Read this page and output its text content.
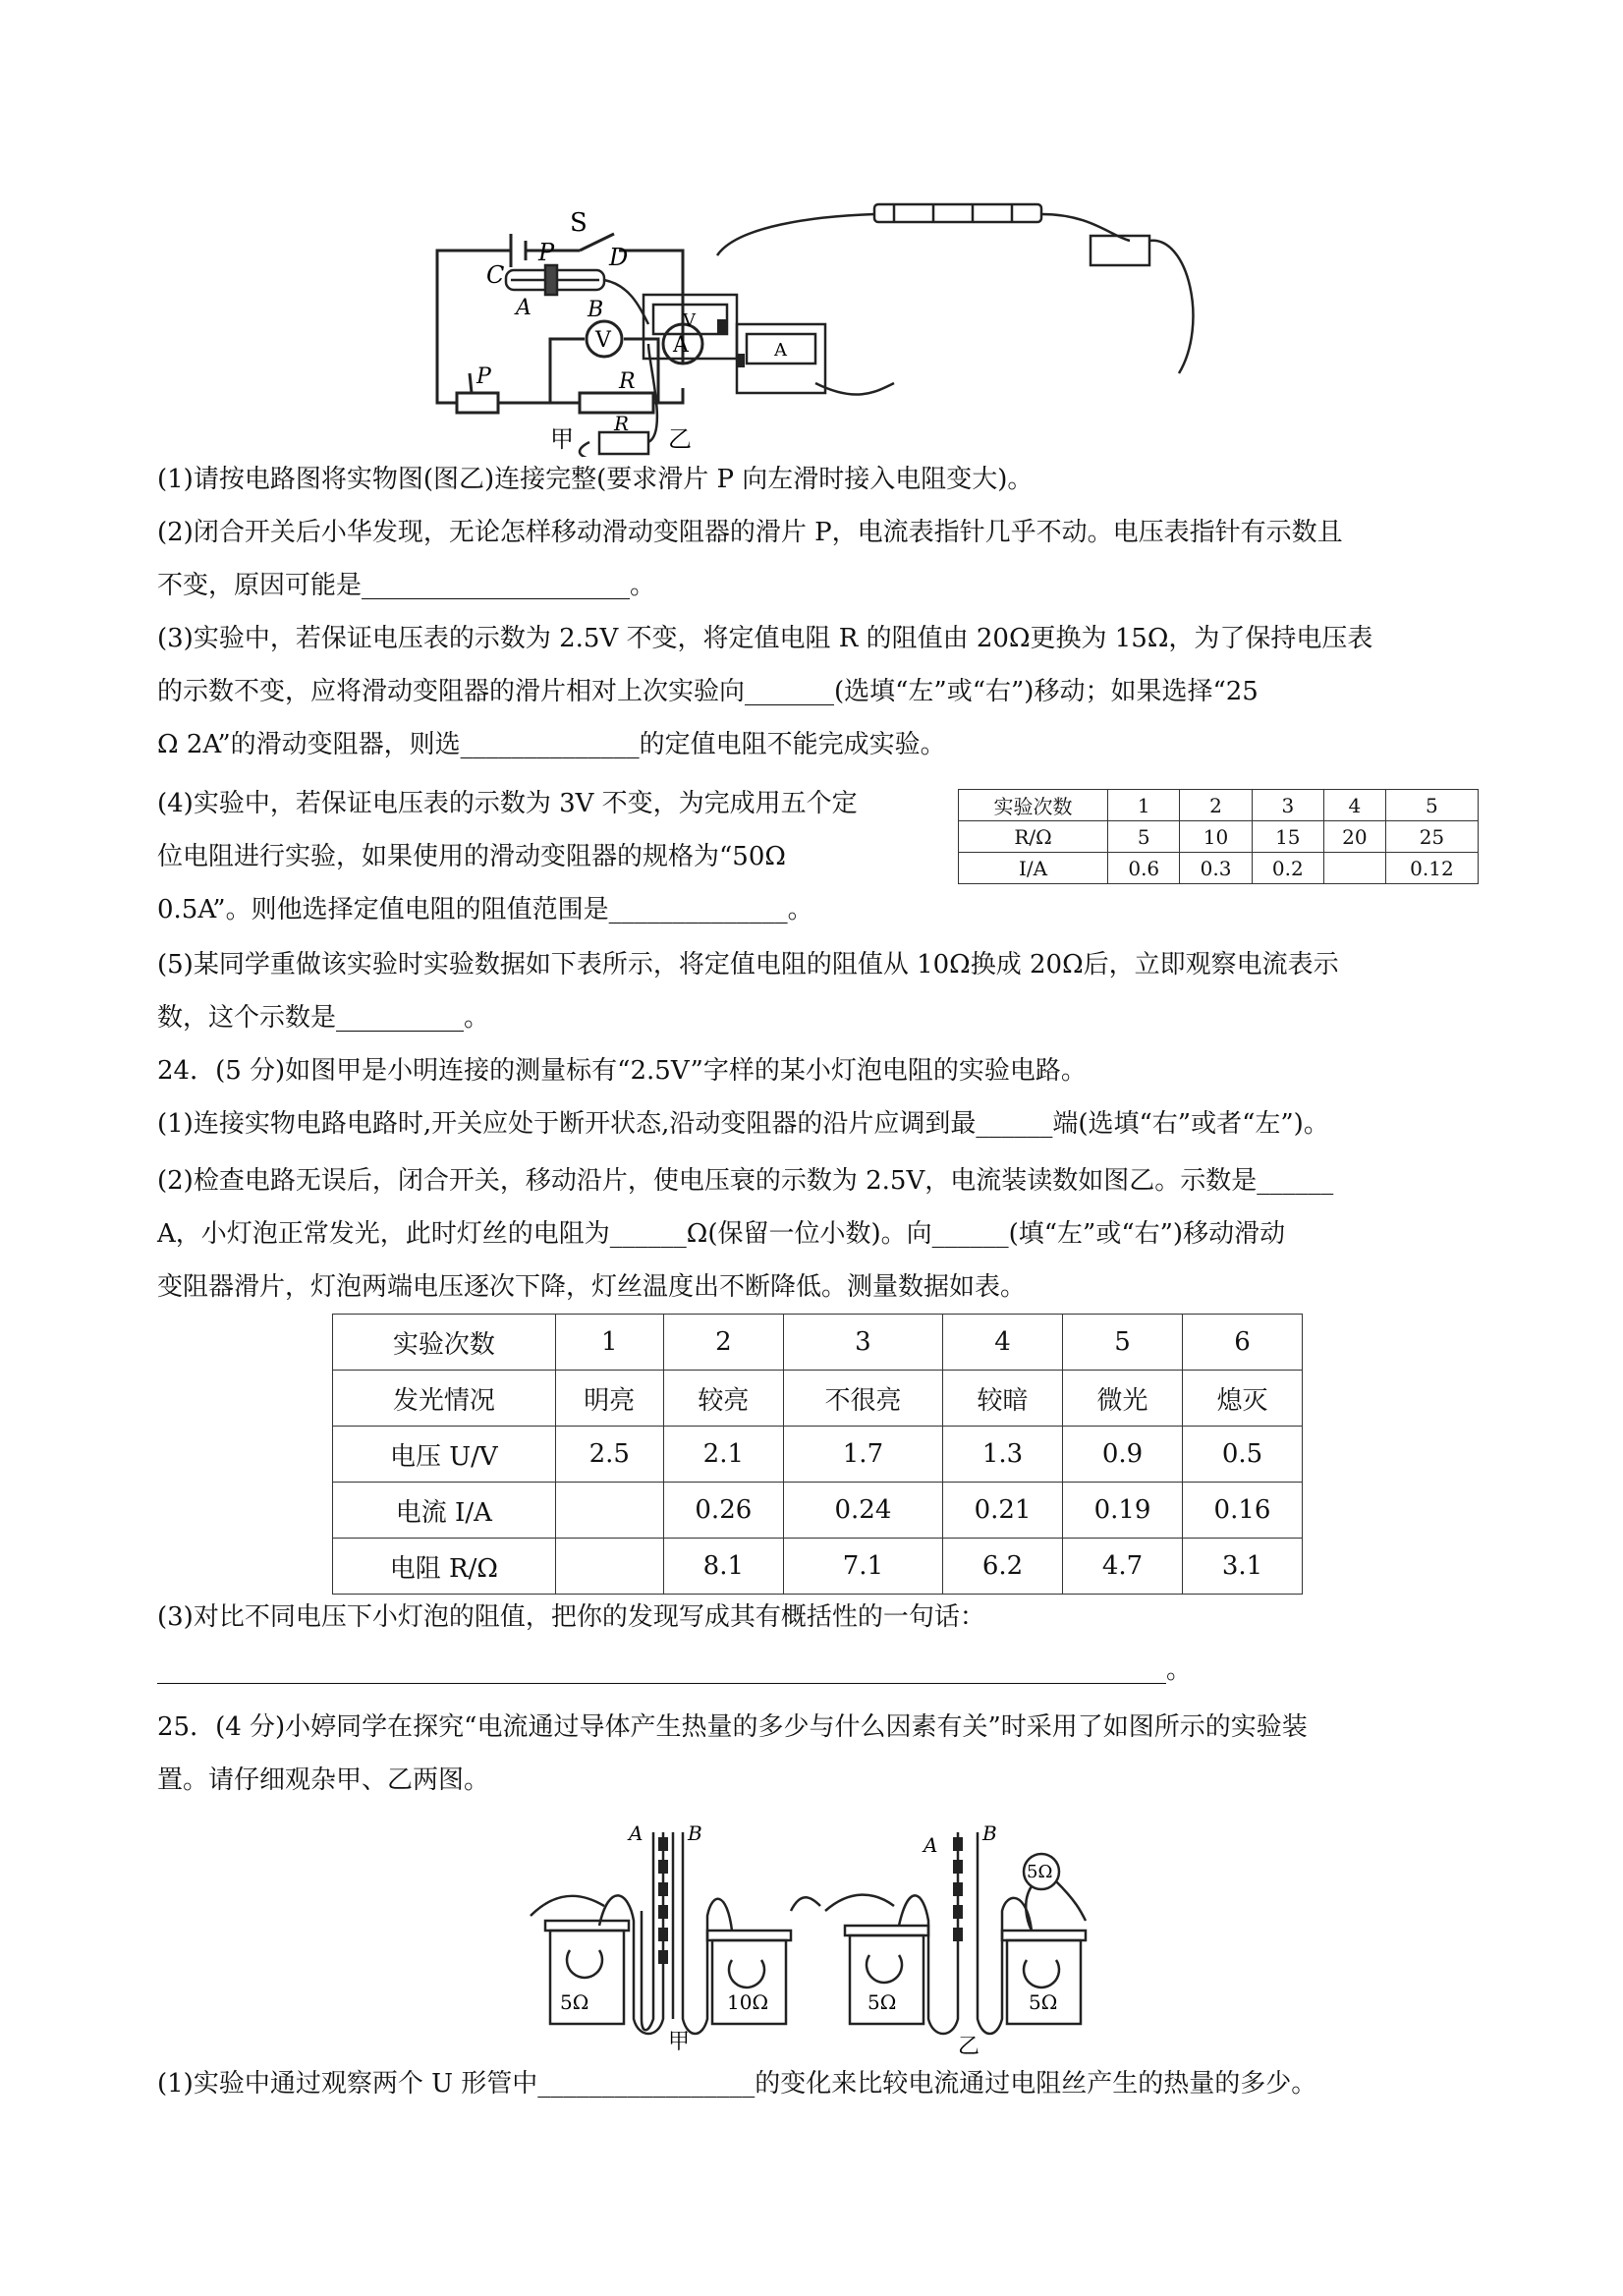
S
V	A
P	R
甲
C
P D
A	B	V
A
R
乙
(1)请按电路图将实物图(图乙)连接完整(要求滑片 P 向左滑时接入电阻变大)。
(2)闭合开关后小华发现，无论怎样移动滑动变阻器的滑片 P，电流表指针几乎不动。电压表指针有示数且
不变，原因可能是_____________________。
(3)实验中，若保证电压表的示数为 2.5V 不变，将定值电阻 R 的阻值由 20Ω更换为 15Ω，为了保持电压表
的示数不变，应将滑动变阻器的滑片相对上次实验向_______(选填“左”或“右”)移动；如果选择“25
Ω 2A”的滑动变阻器，则选______________的定值电阻不能完成实验。
(4)实验中，若保证电压表的示数为 3V 不变，为完成用五个定
位电阻进行实验，如果使用的滑动变阻器的规格为“50Ω
0.5A”。则他选择定值电阻的阻值范围是______________。
实验次数	1	2	3	4	5
R/Ω	5	10	15	20	25
I/A	0.6	0.3	0.2		0.12
(5)某同学重做该实验时实验数据如下表所示，将定值电阻的阻值从 10Ω换成 20Ω后，立即观察电流表示
数，这个示数是__________。
24．(5 分)如图甲是小明连接的测量标有“2.5V”字样的某小灯泡电阻的实验电路。
(1)连接实物电路电路时,开关应处于断开状态,沿动变阻器的沿片应调到最______端(选填“右”或者“左”)。
(2)检查电路无误后，闭合开关，移动沿片，使电压衰的示数为 2.5V，电流装读数如图乙。示数是______
A，小灯泡正常发光，此时灯丝的电阻为______Ω(保留一位小数)。向______(填“左”或“右”)移动滑动
变阻器滑片，灯泡两端电压逐次下降，灯丝温度出不断降低。测量数据如表。
实验次数	1	2	3	4	5	6
发光情况	明亮	较亮	不很亮	较暗	微光	熄灭
电压 U/V	2.5	2.1	1.7	1.3	0.9	0.5
电流 I/A		0.26	0.24	0.21	0.19	0.16
电阻 R/Ω		8.1	7.1	6.2	4.7	3.1
(3)对比不同电压下小灯泡的阻值，把你的发现写成其有概括性的一句话：
_______________________________________________________________________________。
25．(4 分)小婷同学在探究“电流通过导体产生热量的多少与什么因素有关”时采用了如图所示的实验装
置。请仔细观杂甲、乙两图。
A B	A B
5Ω	10Ω	5Ω	5Ω
5Ω
甲	乙
(1)实验中通过观察两个 U 形管中_________________的变化来比较电流通过电阻丝产生的热量的多少。
